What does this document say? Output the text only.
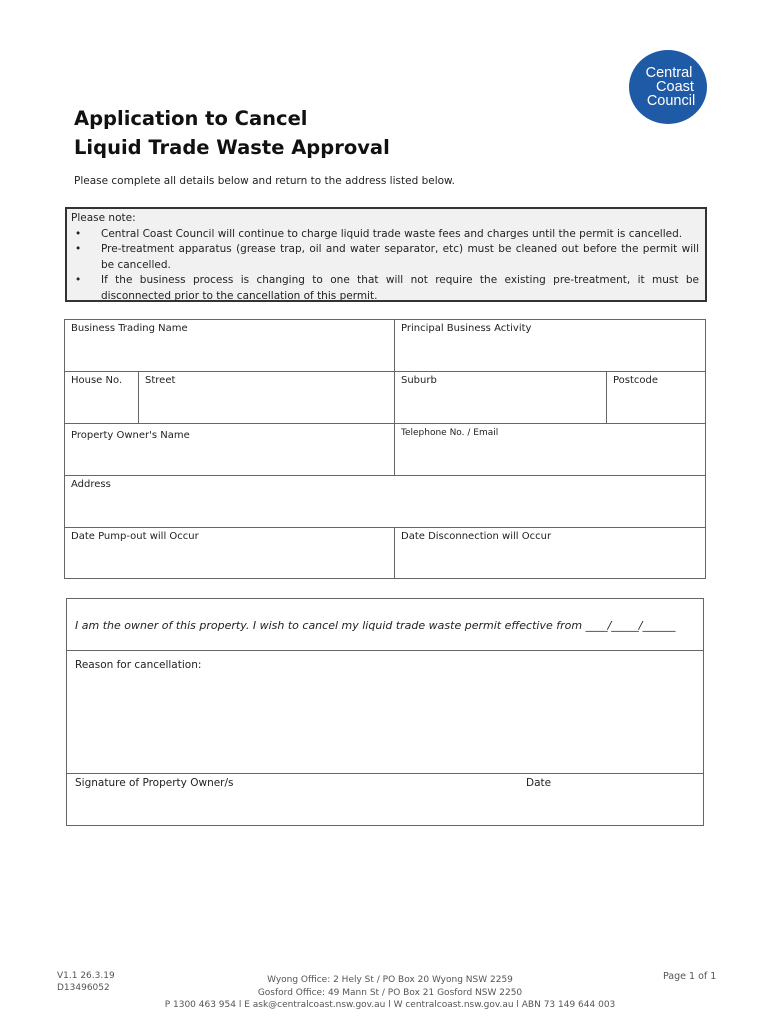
Central
Coast
Council
Application to Cancel
Liquid Trade Waste Approval

Please complete all details below and return to the address listed below.

Please note:
• Central Coast Council will continue to charge liquid trade waste fees and charges until the permit is cancelled.
• Pre-treatment apparatus (grease trap, oil and water separator, etc) must be cleaned out before the permit will be cancelled.
• If the business process is changing to one that will not require the existing pre-treatment, it must be disconnected prior to the cancellation of this permit.
Business Trading Name	Principal Business Activity
House No.	Street	Suburb	Postcode
Property Owner's Name	Telephone No. / Email
Address
Date Pump-out will Occur	Date Disconnection will Occur

I am the owner of this property. I wish to cancel my liquid trade waste permit effective from ____/_____/______

Reason for cancellation:

Signature of Property Owner/s	Date

V1.1 26.3.19
D13496052
Wyong Office: 2 Hely St / PO Box 20 Wyong NSW 2259
Gosford Office: 49 Mann St / PO Box 21 Gosford NSW 2250
P 1300 463 954 l E ask@centralcoast.nsw.gov.au l W centralcoast.nsw.gov.au l ABN 73 149 644 003
Page 1 of 1
